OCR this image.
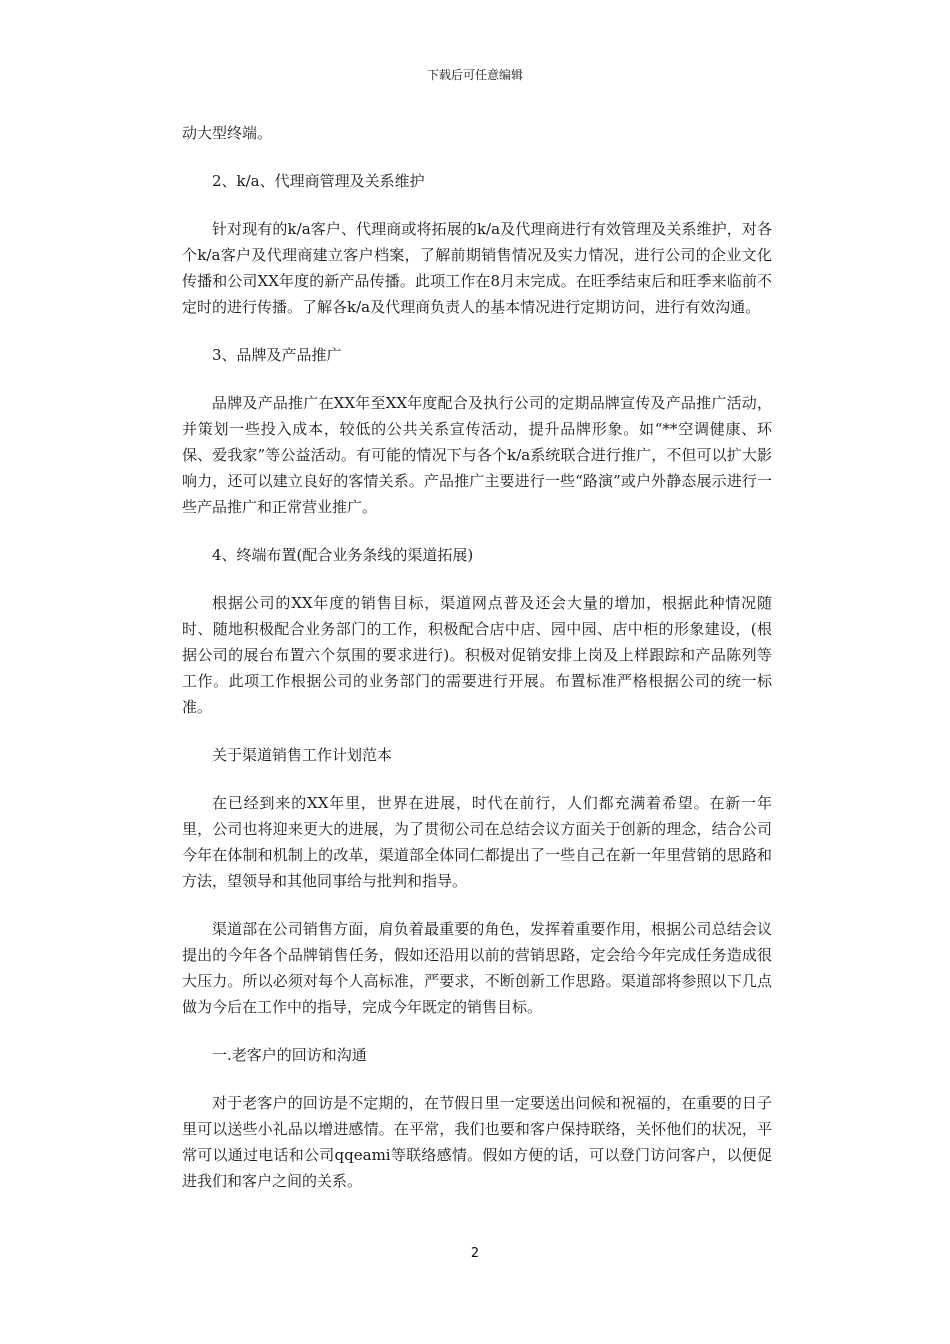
下载后可任意编辑

动大型终端。

2、k/a、代理商管理及关系维护

针对现有的k/a客户、代理商或将拓展的k/a及代理商进行有效管理及关系维护，对各个k/a客户及代理商建立客户档案，了解前期销售情况及实力情况，进行公司的企业文化传播和公司XX年度的新产品传播。此项工作在8月末完成。在旺季结束后和旺季来临前不定时的进行传播。了解各k/a及代理商负责人的基本情况进行定期访问，进行有效沟通。

3、品牌及产品推广

品牌及产品推广在XX年至XX年度配合及执行公司的定期品牌宣传及产品推广活动，并策划一些投入成本，较低的公共关系宣传活动，提升品牌形象。如“**空调健康、环保、爱我家”等公益活动。有可能的情况下与各个k/a系统联合进行推广，不但可以扩大影响力，还可以建立良好的客情关系。产品推广主要进行一些“路演”或户外静态展示进行一些产品推广和正常营业推广。

4、终端布置(配合业务条线的渠道拓展)

根据公司的XX年度的销售目标，渠道网点普及还会大量的增加，根据此种情况随时、随地积极配合业务部门的工作，积极配合店中店、园中园、店中柜的形象建设，(根据公司的展台布置六个氛围的要求进行)。积极对促销安排上岗及上样跟踪和产品陈列等工作。此项工作根据公司的业务部门的需要进行开展。布置标准严格根据公司的统一标准。

关于渠道销售工作计划范本

在已经到来的XX年里，世界在进展，时代在前行，人们都充满着希望。在新一年里，公司也将迎来更大的进展，为了贯彻公司在总结会议方面关于创新的理念，结合公司今年在体制和机制上的改革，渠道部全体同仁都提出了一些自己在新一年里营销的思路和方法，望领导和其他同事给与批判和指导。

渠道部在公司销售方面，肩负着最重要的角色，发挥着重要作用，根据公司总结会议提出的今年各个品牌销售任务，假如还沿用以前的营销思路，定会给今年完成任务造成很大压力。所以必须对每个人高标准，严要求，不断创新工作思路。渠道部将参照以下几点做为今后在工作中的指导，完成今年既定的销售目标。

一.老客户的回访和沟通

对于老客户的回访是不定期的，在节假日里一定要送出问候和祝福的，在重要的日子里可以送些小礼品以增进感情。在平常，我们也要和客户保持联络，关怀他们的状况，平常可以通过电话和公司qqeami等联络感情。假如方便的话，可以登门访问客户，以便促进我们和客户之间的关系。

2
